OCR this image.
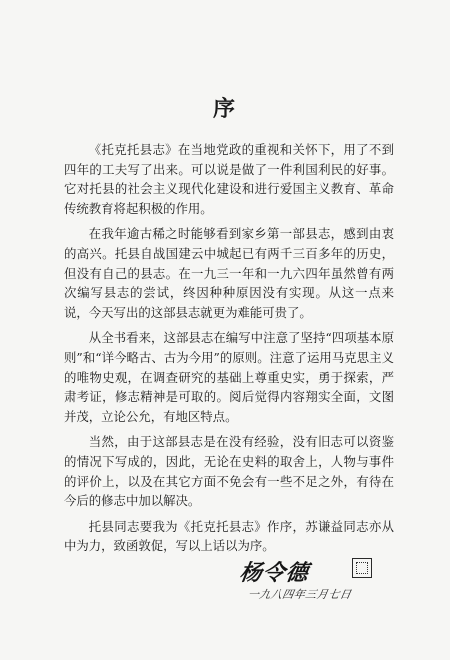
序

《托克托县志》在当地党政的重视和关怀下，用了不到四年的工夫写了出来。可以说是做了一件利国利民的好事。它对托县的社会主义现代化建设和进行爱国主义教育、革命传统教育将起积极的作用。

在我年逾古稀之时能够看到家乡第一部县志，感到由衷的高兴。托县自战国建云中城起已有两千三百多年的历史，但没有自己的县志。在一九三一年和一九六四年虽然曾有两次编写县志的尝试，终因种种原因没有实现。从这一点来说，今天写出的这部县志就更为难能可贵了。

从全书看来，这部县志在编写中注意了坚持“四项基本原则”和“详今略古、古为今用”的原则。注意了运用马克思主义的唯物史观，在调查研究的基础上尊重史实，勇于探索，严肃考证，修志精神是可取的。阅后觉得内容翔实全面，文图并茂，立论公允，有地区特点。

当然，由于这部县志是在没有经验，没有旧志可以资鉴的情况下写成的，因此，无论在史料的取舍上，人物与事件的评价上，以及在其它方面不免会有一些不足之外，有待在今后的修志中加以解决。

托县同志要我为《托克托县志》作序，苏谦益同志亦从中为力，致函敦促，写以上话以为序。

杨令德
一九八四年三月七日
